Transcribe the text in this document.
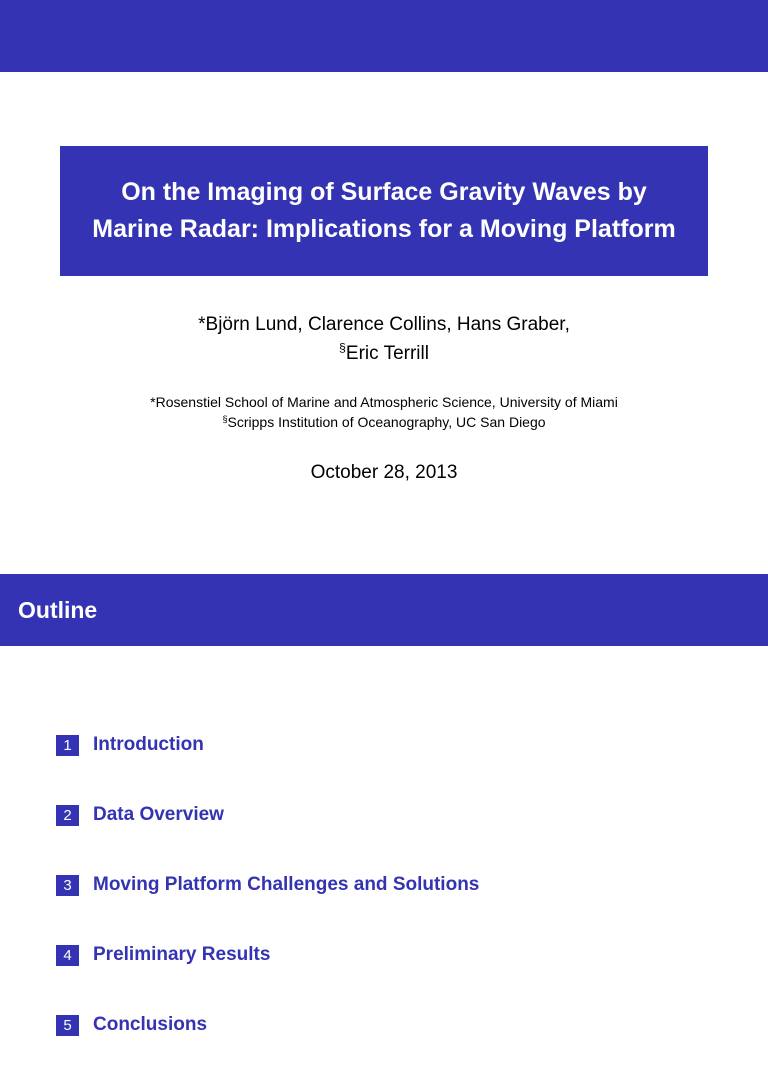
On the Imaging of Surface Gravity Waves by Marine Radar: Implications for a Moving Platform
*Björn Lund, Clarence Collins, Hans Graber,
§Eric Terrill
*Rosenstiel School of Marine and Atmospheric Science, University of Miami
§Scripps Institution of Oceanography, UC San Diego
October 28, 2013
Outline
1	Introduction
2	Data Overview
3	Moving Platform Challenges and Solutions
4	Preliminary Results
5	Conclusions
